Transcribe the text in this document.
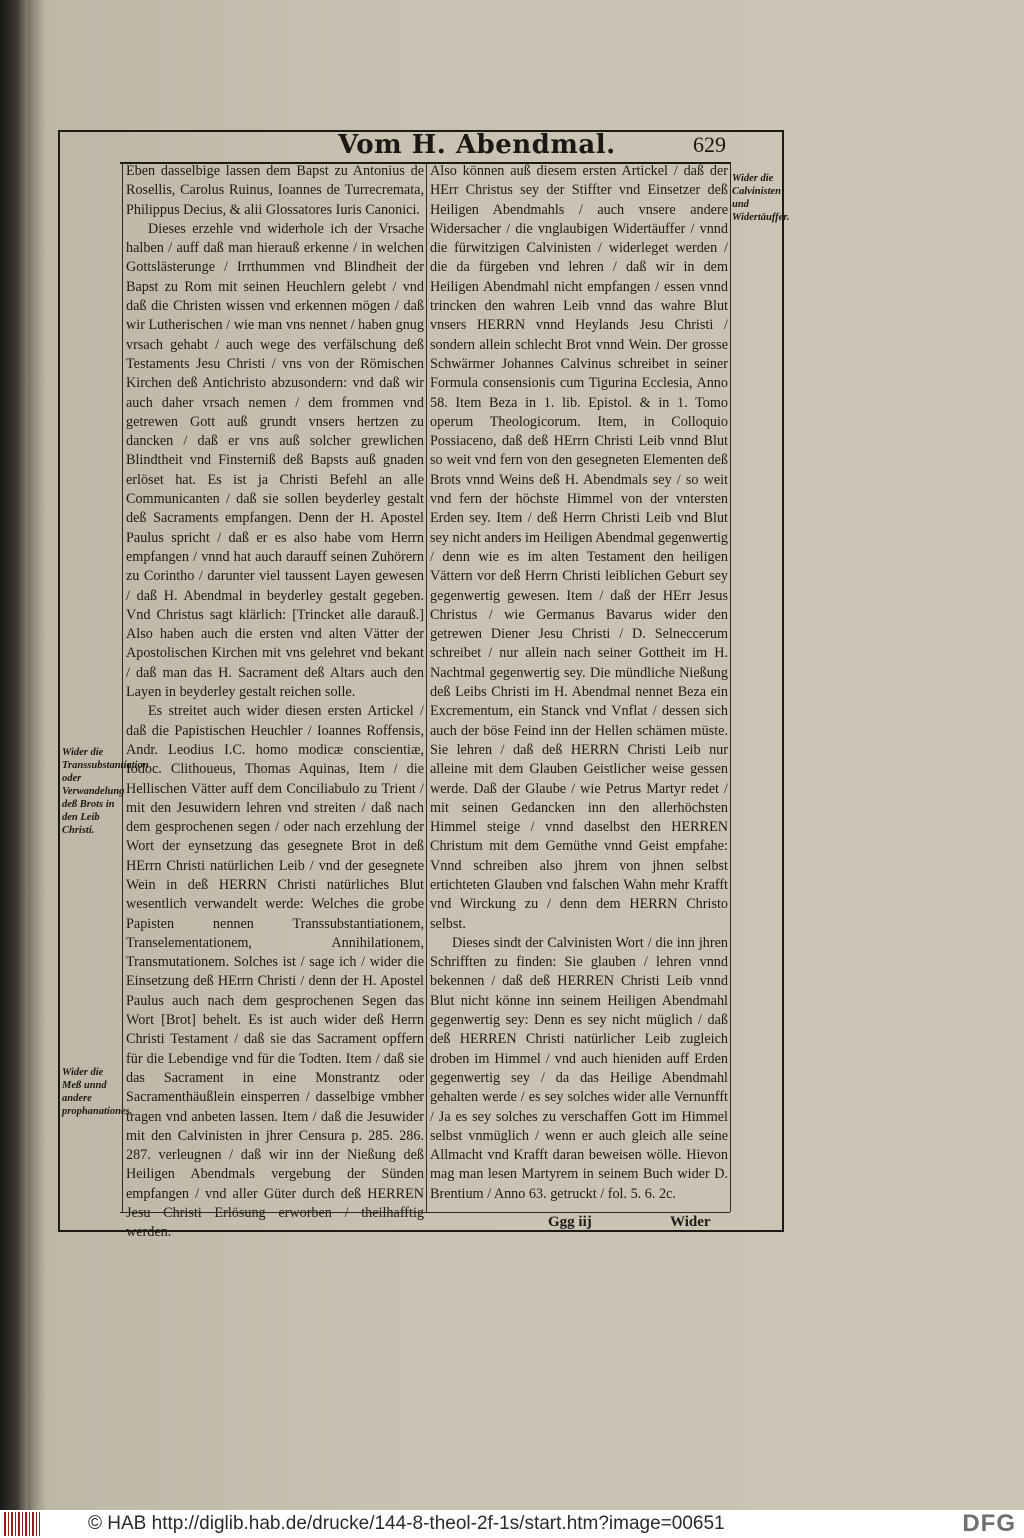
Vom H. Abendmal.	629

Eben dasselbige lassen dem Bapst zu Antonius de Rosellis, Carolus Ruinus, Ioannes de Turrecremata, Philippus Decius, & alii Glossatores Iuris Canonici.

Dieses erzehle vnd widerhole ich der Vrsache halben / auff daß man hierauß erkenne / in welchen Gottslästerunge / Irrthummen vnd Blindheit der Bapst zu Rom mit seinen Heuchlern gelebt / vnd daß die Christen wissen vnd erkennen mögen / daß wir Lutherischen / wie man vns nennet / haben gnug vrsach gehabt / auch wege des verfälschung deß Testaments Jesu Christi / vns von der Römischen Kirchen deß Antichristo abzusondern: vnd daß wir auch daher vrsach nemen / dem frommen vnd getrewen Gott auß grundt vnsers hertzen zu dancken / daß er vns auß solcher grewlichen Blindtheit vnd Finsterniß deß Bapsts auß gnaden erlöset hat. Es ist ja Christi Befehl an alle Communicanten / daß sie sollen beyderley gestalt deß Sacraments empfangen. Denn der H. Apostel Paulus spricht / daß er es also habe vom Herrn empfangen / vnnd hat auch darauff seinen Zuhörern zu Corintho / darunter viel taussent Layen gewesen / daß H. Abendmal in beyderley gestalt gegeben. Vnd Christus sagt klärlich: [Trincket alle darauß.] Also haben auch die ersten vnd alten Vätter der Apostolischen Kirchen mit vns gelehret vnd bekant / daß man das H. Sacrament deß Altars auch den Layen in beyderley gestalt reichen solle.

Es streitet auch wider diesen ersten Artickel / daß die Papistischen Heuchler / Ioannes Roffensis, Andr. Leodius I.C. homo modicæ conscientiæ, Iodoc. Clithoueus, Thomas Aquinas, Item / die Hellischen Vätter auff dem Conciliabulo zu Trient / mit den Jesuwidern lehren vnd streiten / daß nach dem gesprochenen segen / oder nach erzehlung der Wort der eynsetzung das gesegnete Brot in deß HErrn Christi natürlichen Leib / vnd der gesegnete Wein in deß HERRN Christi natürliches Blut wesentlich verwandelt werde: Welches die grobe Papisten nennen Transsubstantiationem, Transelementationem, Annihilationem, Transmutationem. Solches ist / sage ich / wider die Einsetzung deß HErrn Christi / denn der H. Apostel Paulus auch nach dem gesprochenen Segen das Wort [Brot] behelt. Es ist auch wider deß Herrn Christi Testament / daß sie das Sacrament opffern für die Lebendige vnd für die Todten. Item / daß sie das Sacrament in eine Monstrantz oder Sacramenthäußlein einsperren / dasselbige vmbher tragen vnd anbeten lassen. Item / daß die Jesuwider mit den Calvinisten in jhrer Censura p. 285. 286. 287. verleugnen / daß wir inn der Nießung deß Heiligen Abendmals vergebung der Sünden empfangen / vnd aller Güter durch deß HERREN Jesu Christi Erlösung erworben / theilhafftig werden.

Also können auß diesem ersten Artickel / daß der HErr Christus sey der Stiffter vnd Einsetzer deß Heiligen Abendmahls / auch vnsere andere Widersacher / die vnglaubigen Widertäuffer / vnnd die fürwitzigen Calvinisten / widerleget werden / die da fürgeben vnd lehren / daß wir in dem Heiligen Abendmahl nicht empfangen / essen vnnd trincken den wahren Leib vnnd das wahre Blut vnsers HERRN vnnd Heylands Jesu Christi / sondern allein schlecht Brot vnnd Wein. Der grosse Schwärmer Johannes Calvinus schreibet in seiner Formula consensionis cum Tigurina Ecclesia, Anno 58. Item Beza in 1. lib. Epistol. & in 1. Tomo operum Theologicorum. Item, in Colloquio Possiaceno, daß deß HErrn Christi Leib vnnd Blut so weit vnd fern von den gesegneten Elementen deß Brots vnnd Weins deß H. Abendmals sey / so weit vnd fern der höchste Himmel von der vntersten Erden sey. Item / deß Herrn Christi Leib vnd Blut sey nicht anders im Heiligen Abendmal gegenwertig / denn wie es im alten Testament den heiligen Vättern vor deß Herrn Christi leiblichen Geburt sey gegenwertig gewesen. Item / daß der HErr Jesus Christus / wie Germanus Bavarus wider den getrewen Diener Jesu Christi / D. Selneccerum schreibet / nur allein nach seiner Gottheit im H. Nachtmal gegenwertig sey. Die mündliche Nießung deß Leibs Christi im H. Abendmal nennet Beza ein Excrementum, ein Stanck vnd Vnflat / dessen sich auch der böse Feind inn der Hellen schämen müste. Sie lehren / daß deß HERRN Christi Leib nur alleine mit dem Glauben Geistlicher weise gessen werde. Daß der Glaube / wie Petrus Martyr redet / mit seinen Gedancken inn den allerhöchsten Himmel steige / vnnd daselbst den HERREN Christum mit dem Gemüthe vnnd Geist empfahe: Vnnd schreiben also jhrem von jhnen selbst ertichteten Glauben vnd falschen Wahn mehr Krafft vnd Wirckung zu / denn dem HERRN Christo selbst.

Dieses sindt der Calvinisten Wort / die inn jhren Schrifften zu finden: Sie glauben / lehren vnnd bekennen / daß deß HERREN Christi Leib vnnd Blut nicht könne inn seinem Heiligen Abendmahl gegenwertig sey: Denn es sey nicht müglich / daß deß HERREN Christi natürlicher Leib zugleich droben im Himmel / vnd auch hieniden auff Erden gegenwertig sey / da das Heilige Abendmahl gehalten werde / es sey solches wider alle Vernunfft / Ja es sey solches zu verschaffen Gott im Himmel selbst vnmüglich / wenn er auch gleich alle seine Allmacht vnd Krafft daran beweisen wölle. Hievon mag man lesen Martyrem in seinem Buch wider D. Brentium / Anno 63. getruckt / fol. 5. 6. 2c.

Wider die Calvinisten und Widertäuffer.
Wider die Transsubstantiation oder Verwandelung deß Brots in den Leib Christi.
Wider die Meß unnd andere prophanationes.
Ggg iij	Wider
© HAB http://diglib.hab.de/drucke/144-8-theol-2f-1s/start.htm?image=00651	DFG
